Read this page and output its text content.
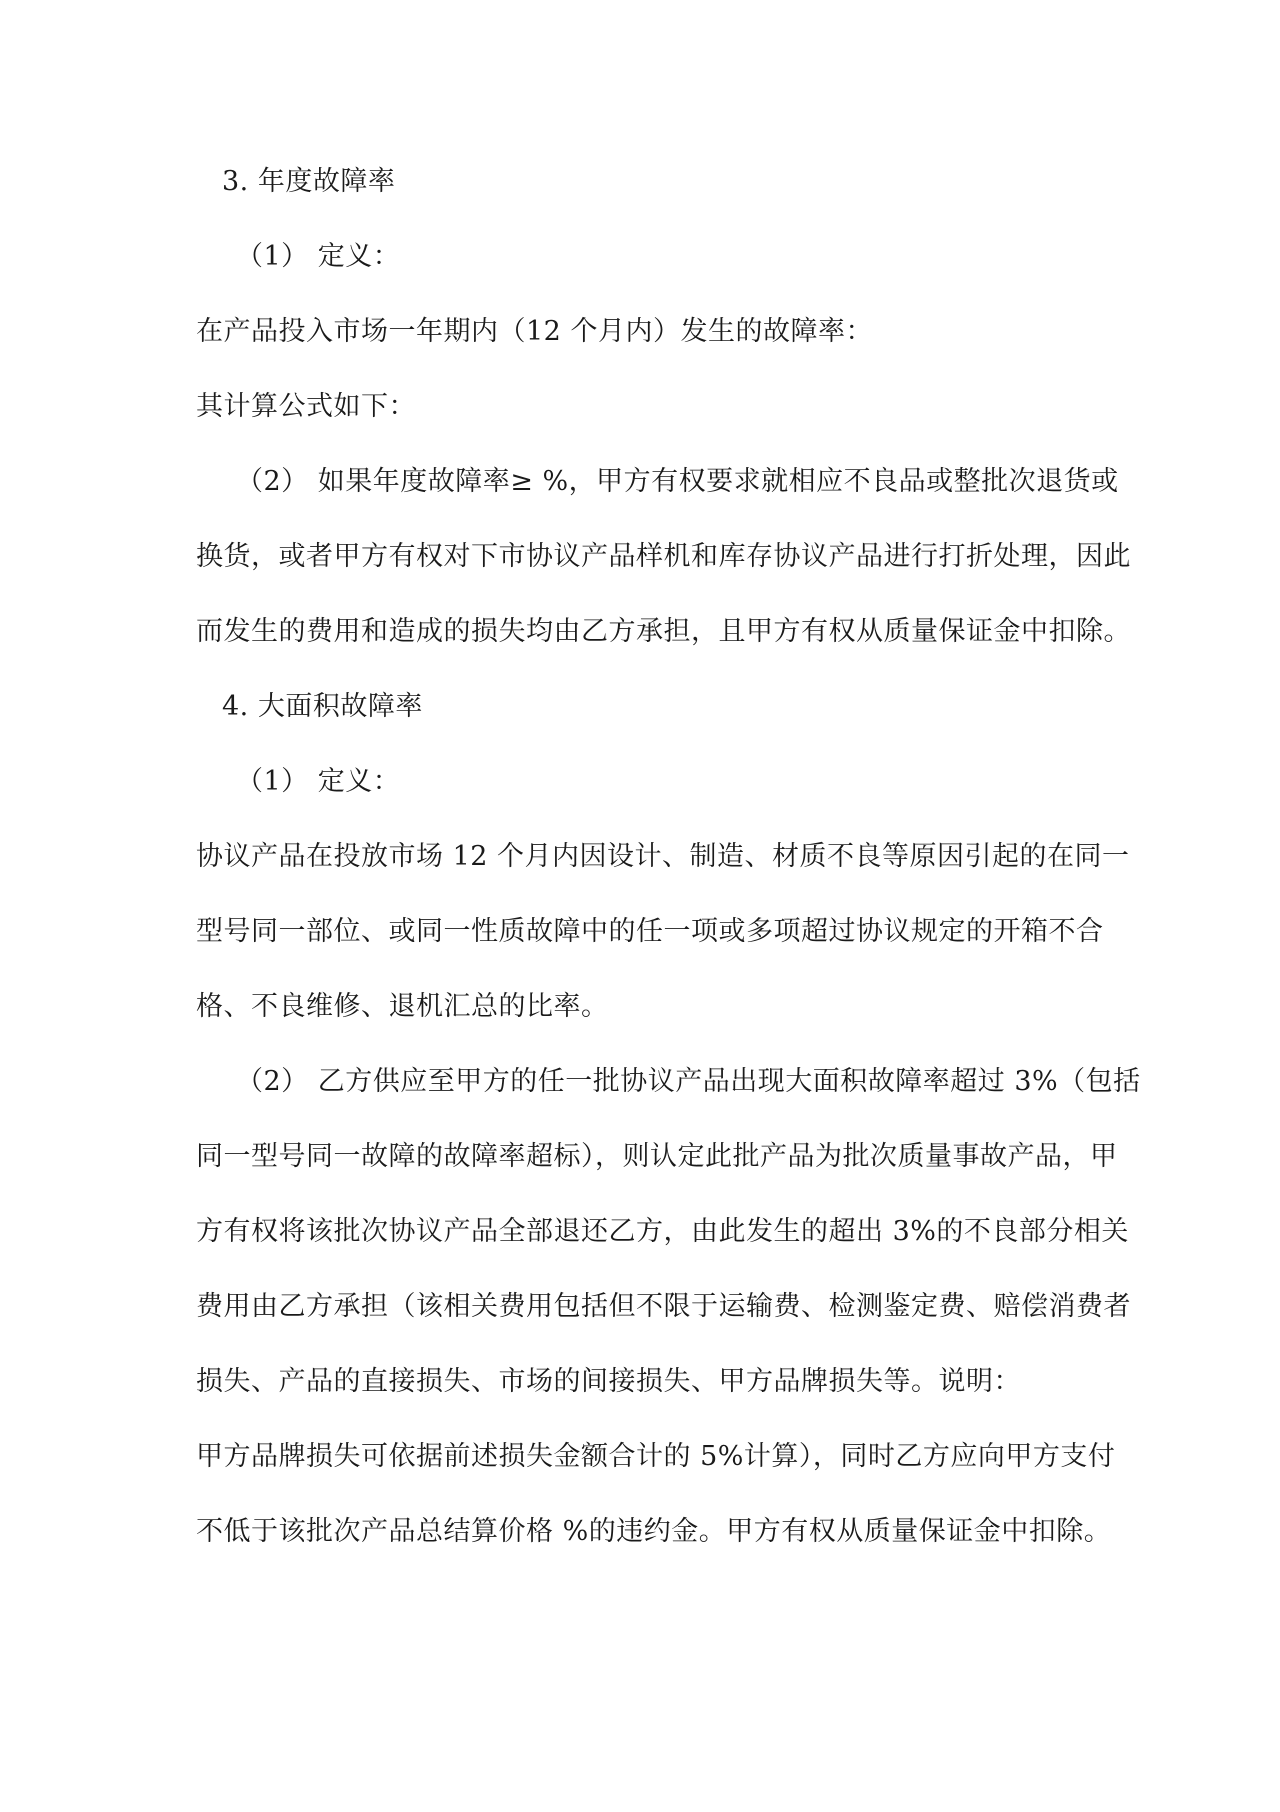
3. 年度故障率
（1） 定义：
在产品投入市场一年期内（12 个月内）发生的故障率：
其计算公式如下：
（2） 如果年度故障率≥ %，甲方有权要求就相应不良品或整批次退货或
换货，或者甲方有权对下市协议产品样机和库存协议产品进行打折处理，因此
而发生的费用和造成的损失均由乙方承担，且甲方有权从质量保证金中扣除。
4. 大面积故障率
（1） 定义：
协议产品在投放市场 12 个月内因设计、制造、材质不良等原因引起的在同一
型号同一部位、或同一性质故障中的任一项或多项超过协议规定的开箱不合
格、不良维修、退机汇总的比率。
（2） 乙方供应至甲方的任一批协议产品出现大面积故障率超过 3%（包括
同一型号同一故障的故障率超标），则认定此批产品为批次质量事故产品，甲
方有权将该批次协议产品全部退还乙方，由此发生的超出 3%的不良部分相关
费用由乙方承担（该相关费用包括但不限于运输费、检测鉴定费、赔偿消费者
损失、产品的直接损失、市场的间接损失、甲方品牌损失等。说明：
甲方品牌损失可依据前述损失金额合计的 5%计算），同时乙方应向甲方支付
不低于该批次产品总结算价格 %的违约金。甲方有权从质量保证金中扣除。
